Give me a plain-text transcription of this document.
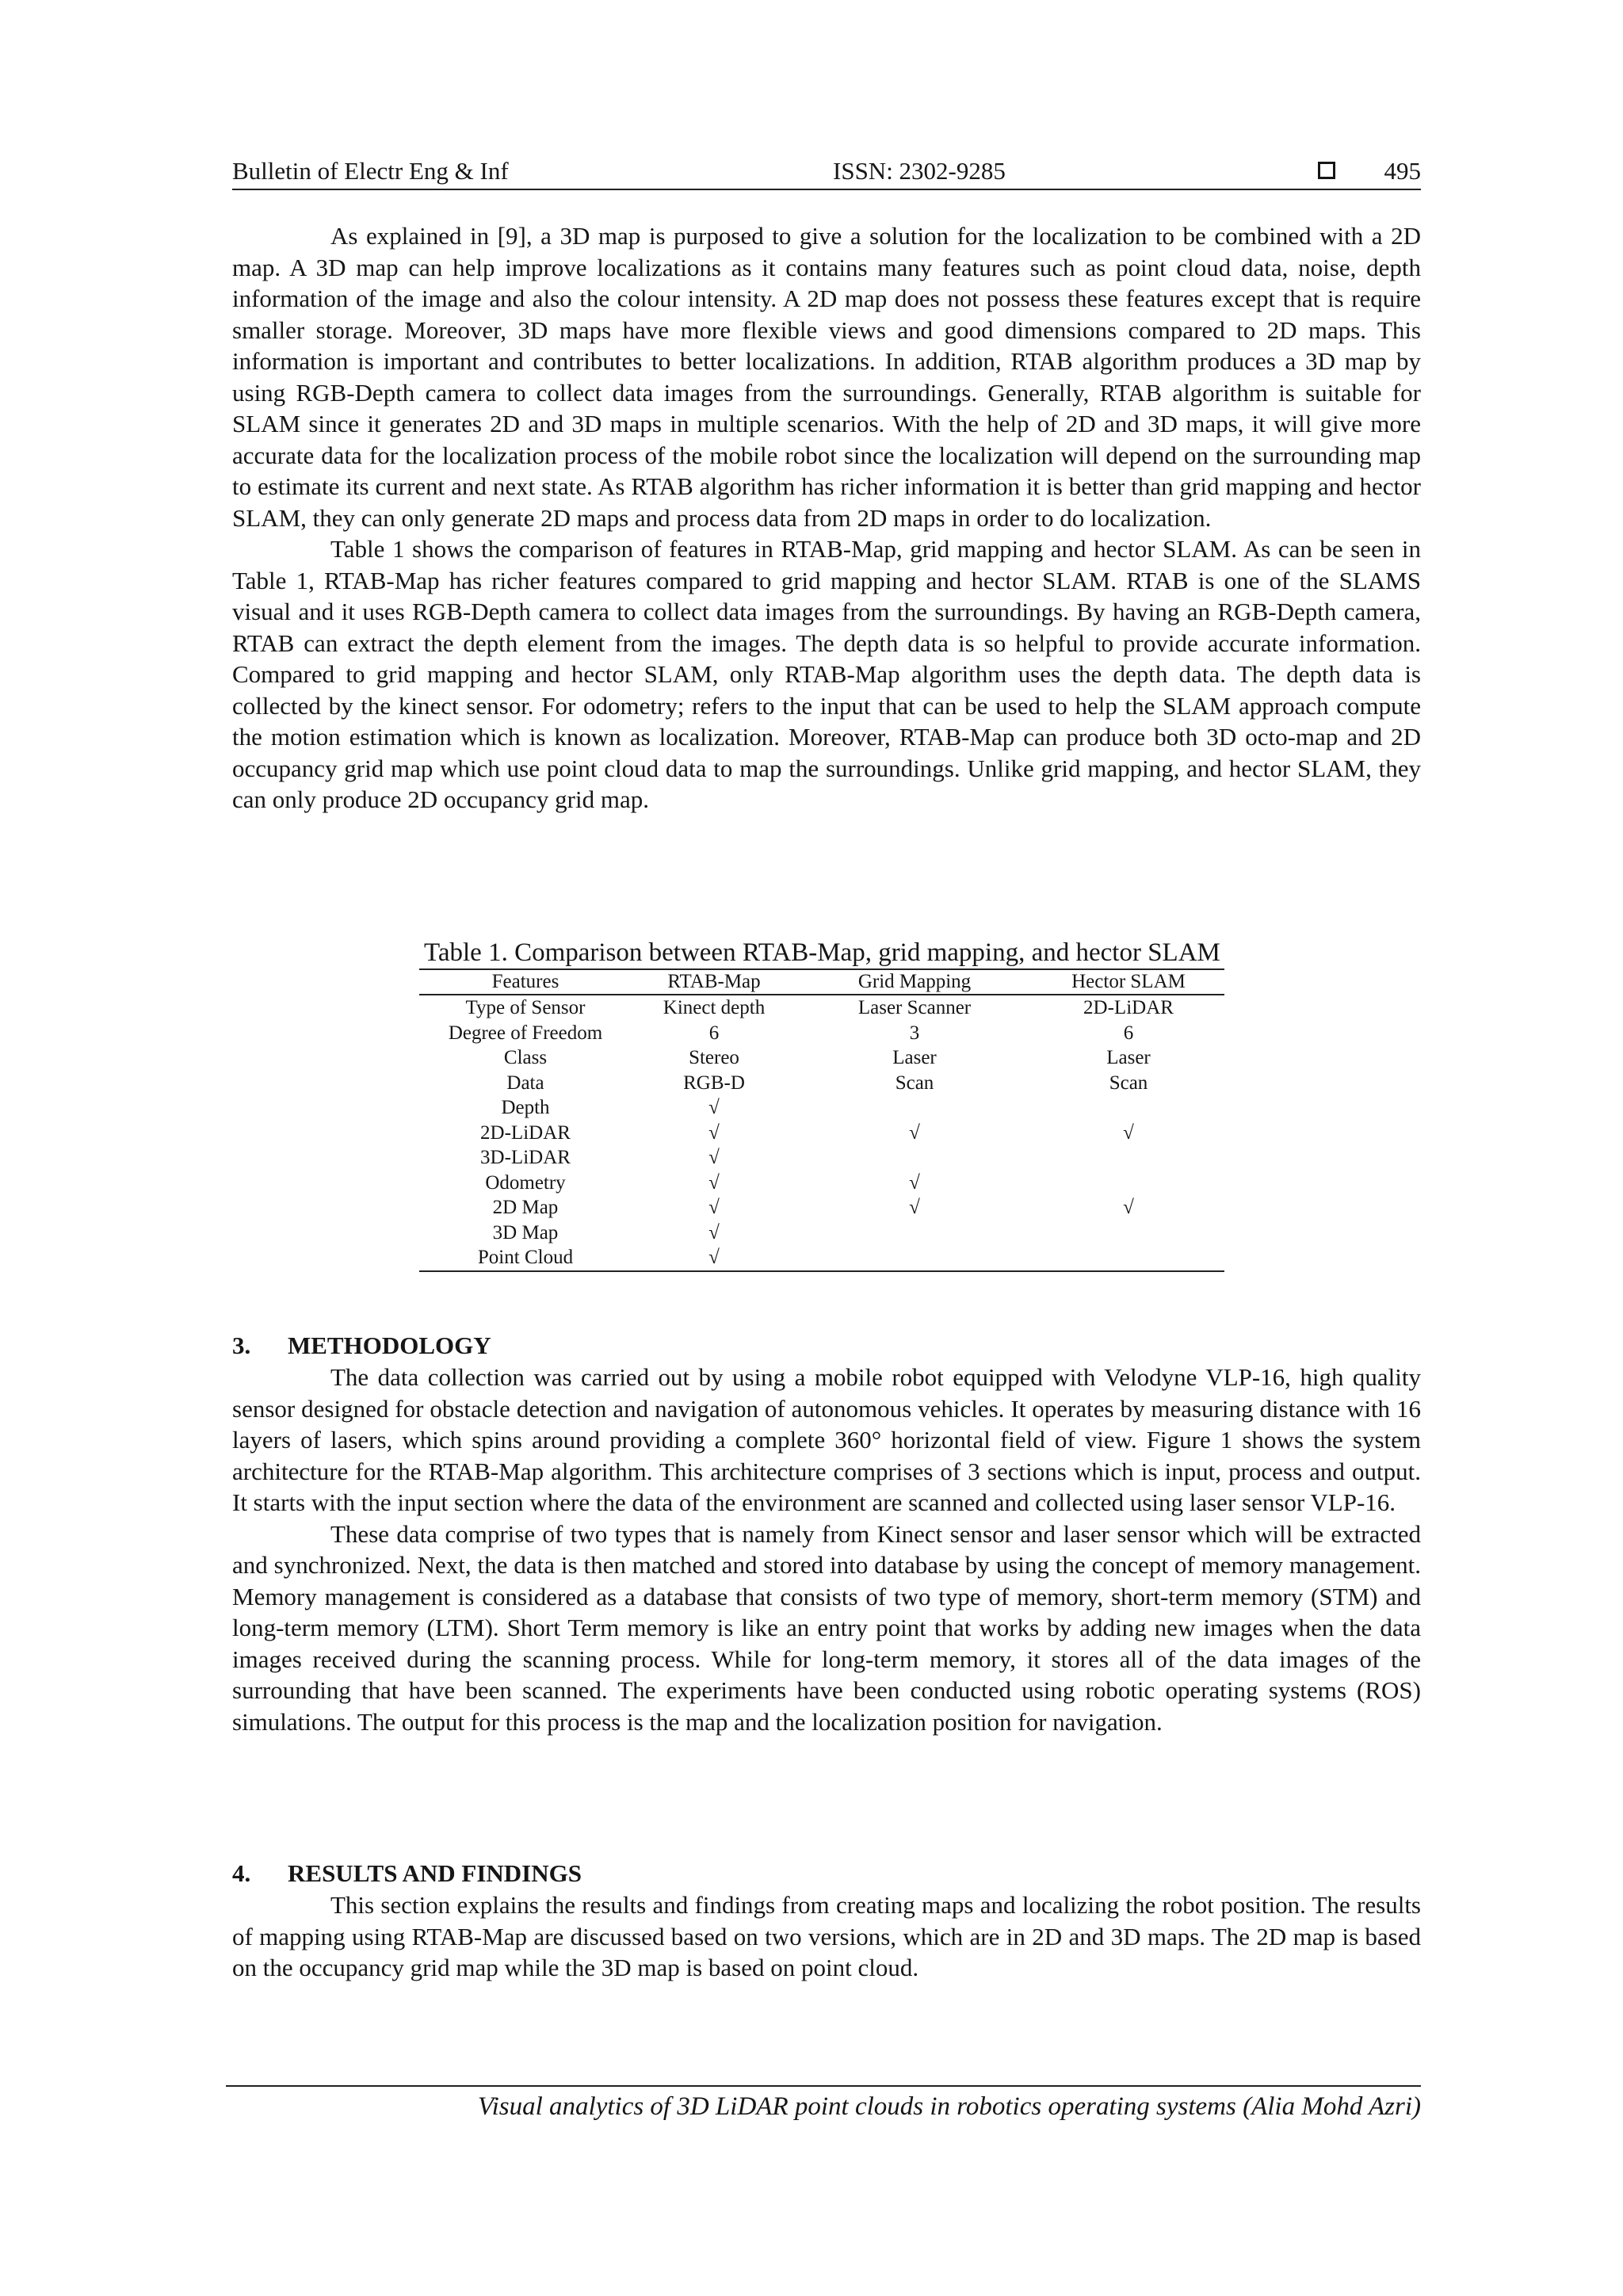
Bulletin of Electr Eng & Inf	ISSN: 2302-9285	495

As explained in [9], a 3D map is purposed to give a solution for the localization to be combined with a 2D map. A 3D map can help improve localizations as it contains many features such as point cloud data, noise, depth information of the image and also the colour intensity. A 2D map does not possess these features except that is require smaller storage. Moreover, 3D maps have more flexible views and good dimensions compared to 2D maps. This information is important and contributes to better localizations. In addition, RTAB algorithm produces a 3D map by using RGB-Depth camera to collect data images from the surroundings. Generally, RTAB algorithm is suitable for SLAM since it generates 2D and 3D maps in multiple scenarios. With the help of 2D and 3D maps, it will give more accurate data for the localization process of the mobile robot since the localization will depend on the surrounding map to estimate its current and next state. As RTAB algorithm has richer information it is better than grid mapping and hector SLAM, they can only generate 2D maps and process data from 2D maps in order to do localization.

Table 1 shows the comparison of features in RTAB-Map, grid mapping and hector SLAM. As can be seen in Table 1, RTAB-Map has richer features compared to grid mapping and hector SLAM. RTAB is one of the SLAMS visual and it uses RGB-Depth camera to collect data images from the surroundings. By having an RGB-Depth camera, RTAB can extract the depth element from the images. The depth data is so helpful to provide accurate information. Compared to grid mapping and hector SLAM, only RTAB-Map algorithm uses the depth data. The depth data is collected by the kinect sensor. For odometry; refers to the input that can be used to help the SLAM approach compute the motion estimation which is known as localization. Moreover, RTAB-Map can produce both 3D octo-map and 2D occupancy grid map which use point cloud data to map the surroundings. Unlike grid mapping, and hector SLAM, they can only produce 2D occupancy grid map.

Table 1. Comparison between RTAB-Map, grid mapping, and hector SLAM
Features	RTAB-Map	Grid Mapping	Hector SLAM
Type of Sensor	Kinect depth	Laser Scanner	2D-LiDAR
Degree of Freedom	6	3	6
Class	Stereo	Laser	Laser
Data	RGB-D	Scan	Scan
Depth	√		
2D-LiDAR	√	√	√
3D-LiDAR	√		
Odometry	√	√	
2D Map	√	√	√
3D Map	√		
Point Cloud	√		
3. METHODOLOGY

The data collection was carried out by using a mobile robot equipped with Velodyne VLP-16, high quality sensor designed for obstacle detection and navigation of autonomous vehicles. It operates by measuring distance with 16 layers of lasers, which spins around providing a complete 360° horizontal field of view. Figure 1 shows the system architecture for the RTAB-Map algorithm. This architecture comprises of 3 sections which is input, process and output. It starts with the input section where the data of the environment are scanned and collected using laser sensor VLP-16.

These data comprise of two types that is namely from Kinect sensor and laser sensor which will be extracted and synchronized. Next, the data is then matched and stored into database by using the concept of memory management. Memory management is considered as a database that consists of two type of memory, short-term memory (STM) and long-term memory (LTM). Short Term memory is like an entry point that works by adding new images when the data images received during the scanning process. While for long-term memory, it stores all of the data images of the surrounding that have been scanned. The experiments have been conducted using robotic operating systems (ROS) simulations. The output for this process is the map and the localization position for navigation.

4. RESULTS AND FINDINGS

This section explains the results and findings from creating maps and localizing the robot position. The results of mapping using RTAB-Map are discussed based on two versions, which are in 2D and 3D maps. The 2D map is based on the occupancy grid map while the 3D map is based on point cloud.

Visual analytics of 3D LiDAR point clouds in robotics operating systems (Alia Mohd Azri)
